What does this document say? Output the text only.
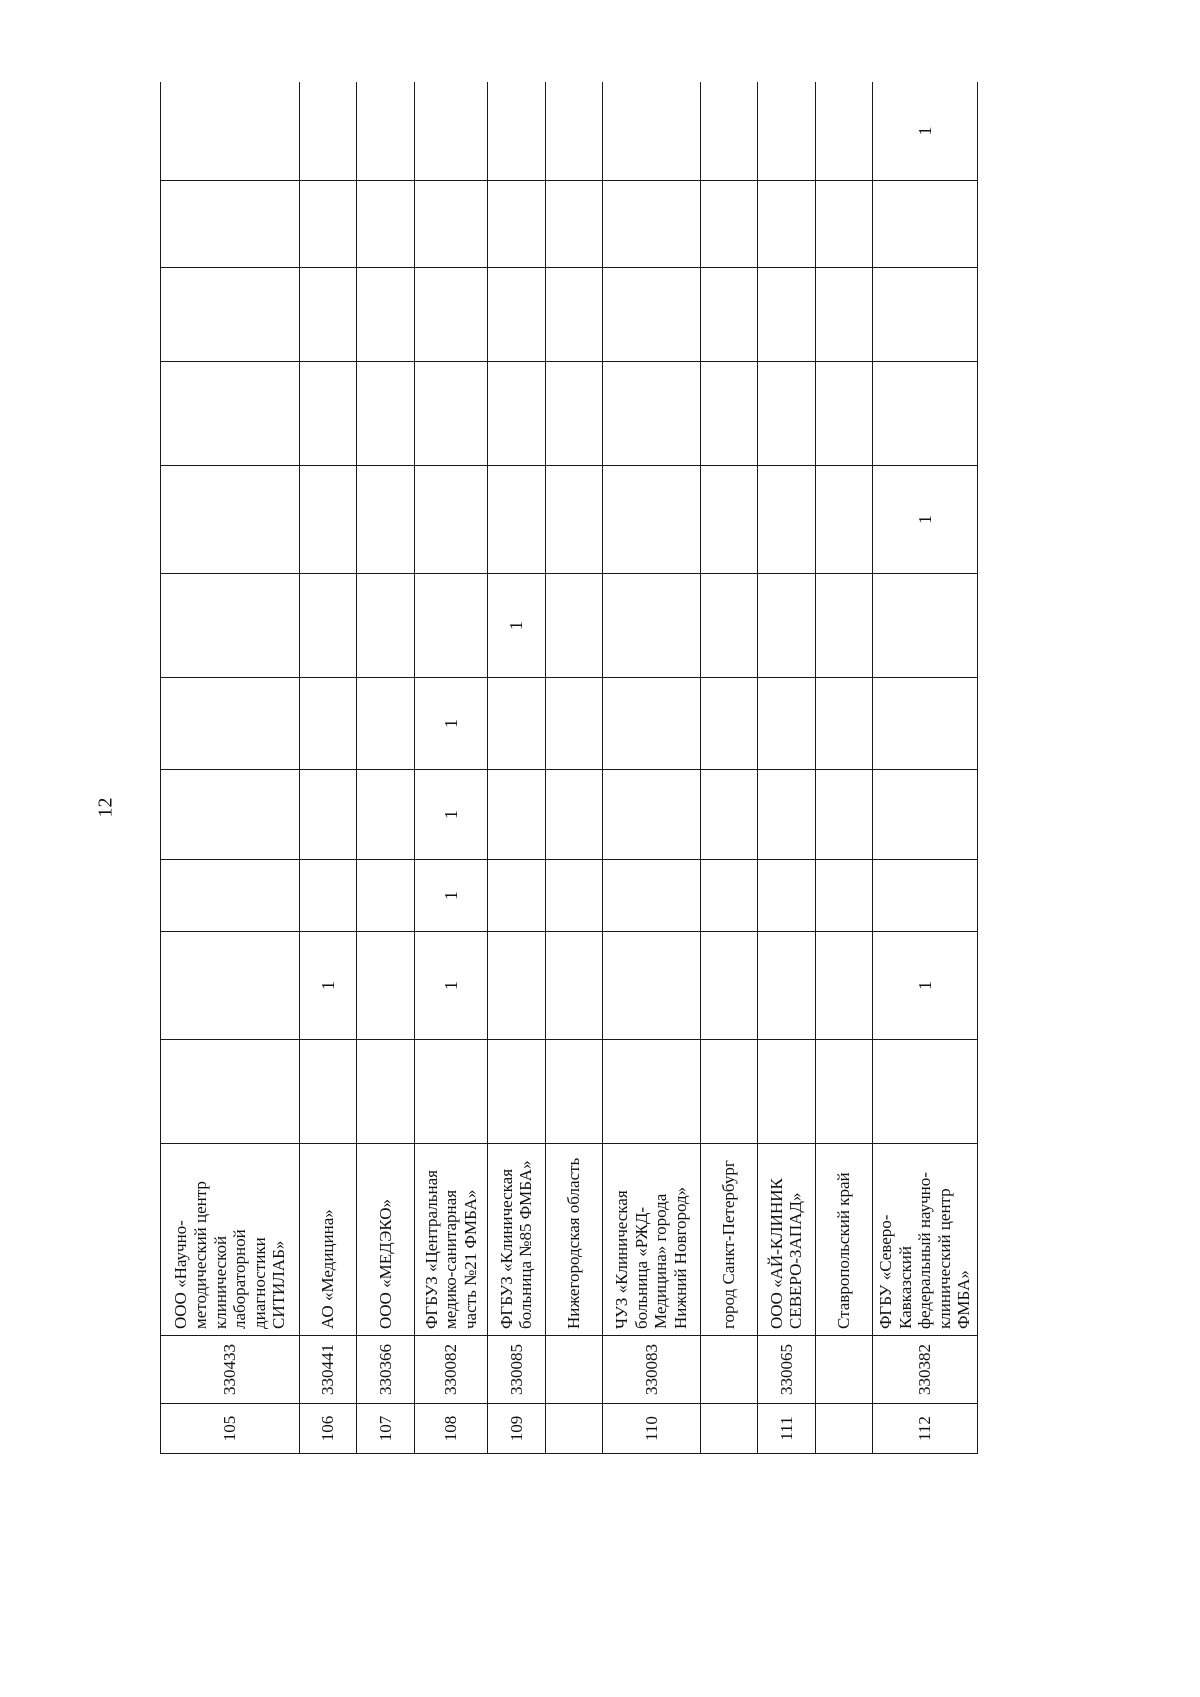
12
105	330433	ООО «Научно-методический центр клинической лабораторной диагностики СИТИЛАБ»											
106	330441	АО «Медицина»		1									
107	330366	ООО «МЕДЭКО»											
108	330082	ФГБУЗ «Центральная медико-санитарная часть №21 ФМБА»		1	1	1	1						
109	330085	ФГБУЗ «Клиническая больница №85 ФМБА»						1					
		Нижегородская область											
110	330083	ЧУЗ «Клиническая больница «РЖД-Медицина» города Нижний Новгород»											
		город Санкт-Петербург											
111	330065	ООО «АЙ-КЛИНИК СЕВЕРО-ЗАПАД»											
		Ставропольский край											
112	330382	ФГБУ «Северо-Кавказский федеральный научно-клинический центр ФМБА»		1					1				1
